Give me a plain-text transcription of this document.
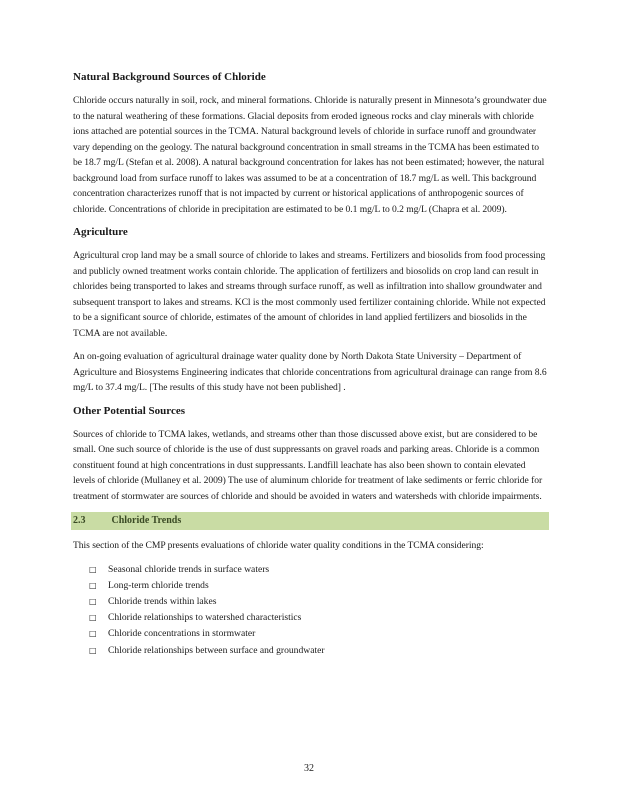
Natural Background Sources of Chloride

Chloride occurs naturally in soil, rock, and mineral formations. Chloride is naturally present in Minnesota’s groundwater due to the natural weathering of these formations. Glacial deposits from eroded igneous rocks and clay minerals with chloride ions attached are potential sources in the TCMA. Natural background levels of chloride in surface runoff and groundwater vary depending on the geology. The natural background concentration in small streams in the TCMA has been estimated to be 18.7 mg/L (Stefan et al. 2008). A natural background concentration for lakes has not been estimated; however, the natural background load from surface runoff to lakes was assumed to be at a concentration of 18.7 mg/L as well. This background concentration characterizes runoff that is not impacted by current or historical applications of anthropogenic sources of chloride. Concentrations of chloride in precipitation are estimated to be 0.1 mg/L to 0.2 mg/L (Chapra et al. 2009).

Agriculture

Agricultural crop land may be a small source of chloride to lakes and streams. Fertilizers and biosolids from food processing and publicly owned treatment works contain chloride. The application of fertilizers and biosolids on crop land can result in chlorides being transported to lakes and streams through surface runoff, as well as infiltration into shallow groundwater and subsequent transport to lakes and streams. KCl is the most commonly used fertilizer containing chloride. While not expected to be a significant source of chloride, estimates of the amount of chlorides in land applied fertilizers and biosolids in the TCMA are not available.

An on-going evaluation of agricultural drainage water quality done by North Dakota State University – Department of Agriculture and Biosystems Engineering indicates that chloride concentrations from agricultural drainage can range from 8.6 mg/L to 37.4 mg/L. [The results of this study have not been published] .

Other Potential Sources

Sources of chloride to TCMA lakes, wetlands, and streams other than those discussed above exist, but are considered to be small. One such source of chloride is the use of dust suppressants on gravel roads and parking areas. Chloride is a common constituent found at high concentrations in dust suppressants. Landfill leachate has also been shown to contain elevated levels of chloride (Mullaney et al. 2009) The use of aluminum chloride for treatment of lake sediments or ferric chloride for treatment of stormwater are sources of chloride and should be avoided in waters and watersheds with chloride impairments.

2.3	Chloride Trends

This section of the CMP presents evaluations of chloride water quality conditions in the TCMA considering:

□ Seasonal chloride trends in surface waters
□ Long-term chloride trends
□ Chloride trends within lakes
□ Chloride relationships to watershed characteristics
□ Chloride concentrations in stormwater
□ Chloride relationships between surface and groundwater
32
